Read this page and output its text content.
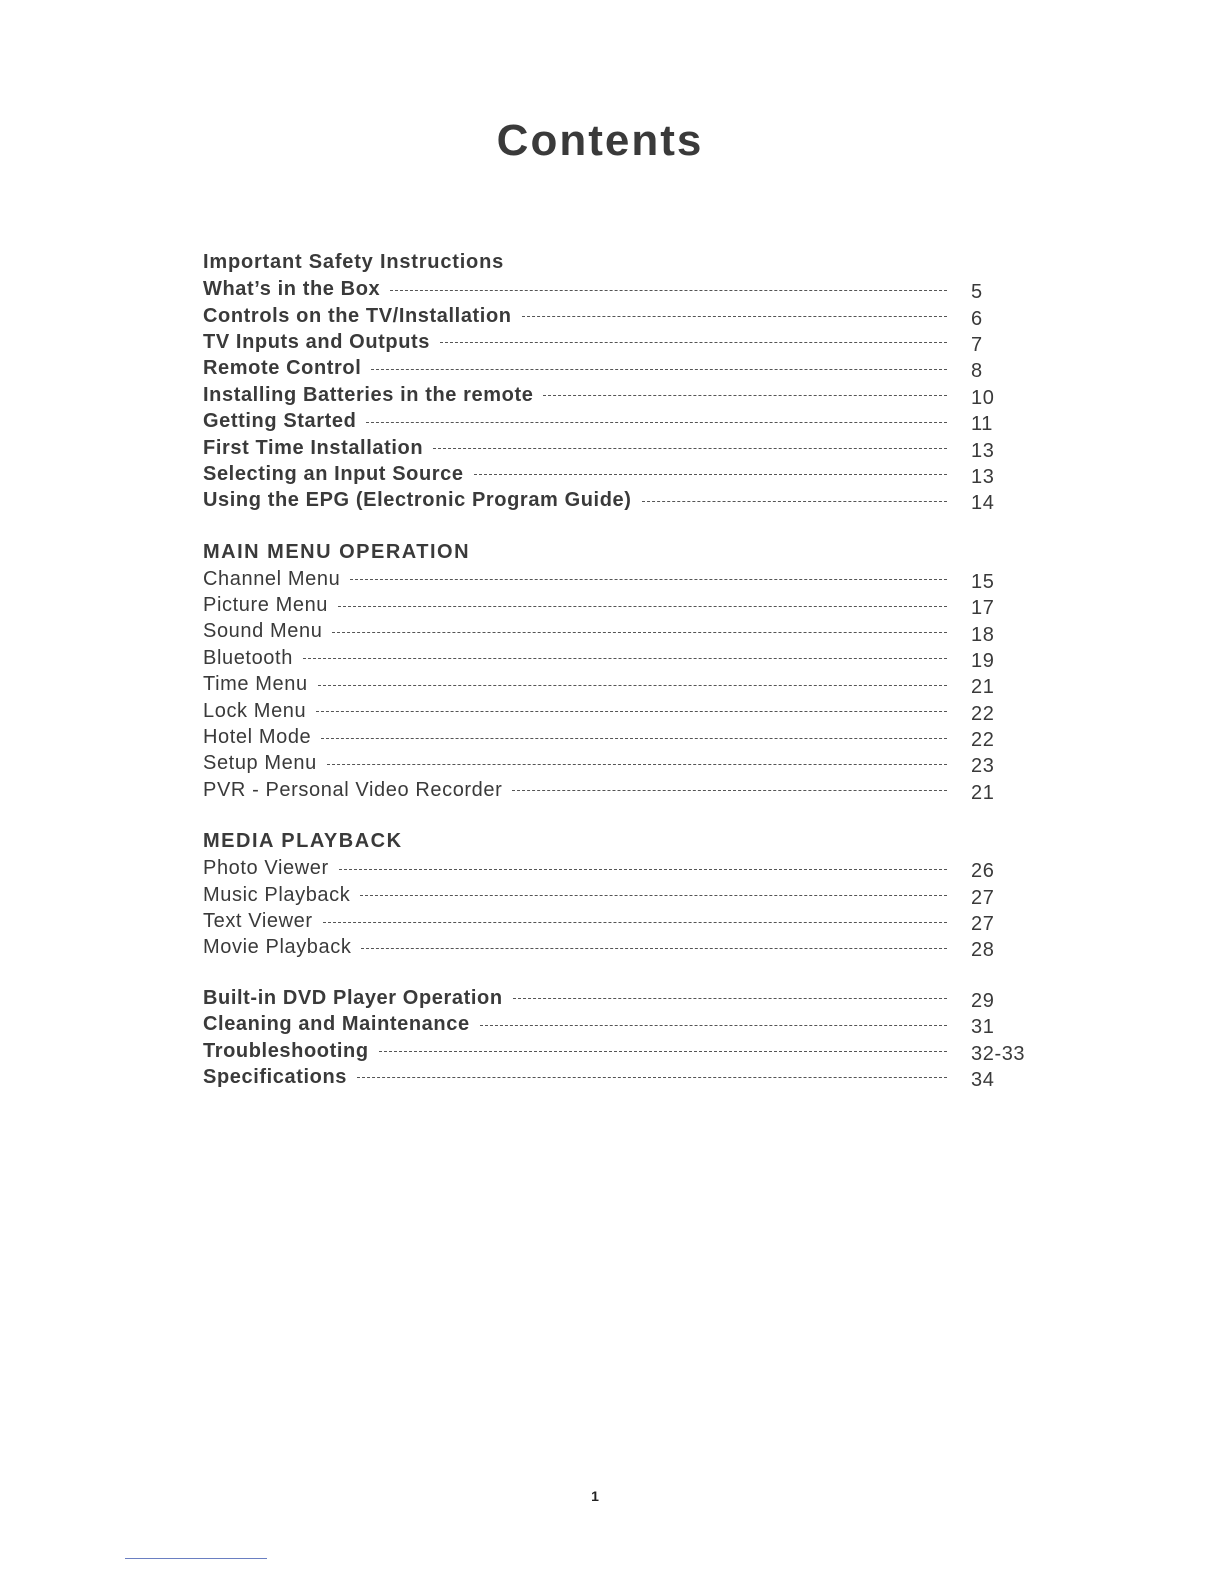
Contents
Important Safety Instructions
What’s in the Box	5
Controls on the TV/Installation	6
TV Inputs and Outputs	7
Remote Control	8
Installing Batteries in the remote	10
Getting Started	11
First Time Installation	13
Selecting an Input Source	13
Using the EPG (Electronic Program Guide)	14
MAIN MENU OPERATION
Channel Menu	15
Picture Menu	17
Sound Menu	18
Bluetooth	19
Time Menu	21
Lock Menu	22
Hotel Mode	22
Setup Menu	23
PVR - Personal Video Recorder	21
MEDIA PLAYBACK
Photo Viewer	26
Music Playback	27
Text Viewer	27
Movie Playback	28
Built-in DVD Player Operation	29
Cleaning and Maintenance	31
Troubleshooting	32-33
Specifications	34
1
